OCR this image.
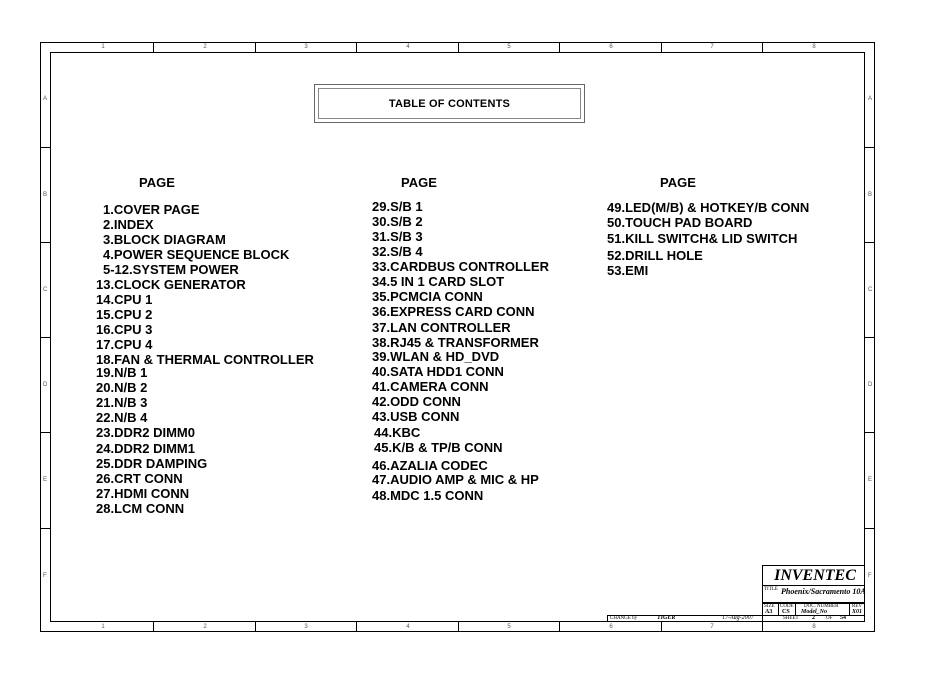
1	2	3	4	5	6	7	8
1	2	3	4	5	6	7	8
A
B
C
D
E
F
A
B
C
D
E
F
TABLE OF CONTENTS
PAGE	PAGE	PAGE
1.COVER PAGE
2.INDEX
3.BLOCK DIAGRAM
4.POWER SEQUENCE BLOCK
5-12.SYSTEM POWER
13.CLOCK GENERATOR
14.CPU 1
15.CPU 2
16.CPU 3
17.CPU 4
18.FAN & THERMAL CONTROLLER
19.N/B 1
20.N/B 2
21.N/B 3
22.N/B 4
23.DDR2 DIMM0
24.DDR2 DIMM1
25.DDR DAMPING
26.CRT CONN
27.HDMI CONN
28.LCM CONN
29.S/B 1
30.S/B 2
31.S/B 3
32.S/B 4
33.CARDBUS CONTROLLER
34.5 IN 1 CARD SLOT
35.PCMCIA CONN
36.EXPRESS CARD CONN
37.LAN CONTROLLER
38.RJ45 & TRANSFORMER
39.WLAN & HD_DVD
40.SATA HDD1 CONN
41.CAMERA CONN
42.ODD CONN
43.USB CONN
44.KBC
45.K/B & TP/B CONN
46.AZALIA CODEC
47.AUDIO AMP & MIC & HP
48.MDC 1.5 CONN
49.LED(M/B) & HOTKEY/B CONN
50.TOUCH PAD BOARD
51.KILL SWITCH& LID SWITCH
52.DRILL HOLE
53.EMI
INVENTEC
TITLE Phoenix/Sacramento 10A
SIZE
A3
CODE
CS
DOC. NUMBER
Model_No
REV
X01
SHEET 2 OF 54
CHANGE by	TIGER	17-Aug-2007
